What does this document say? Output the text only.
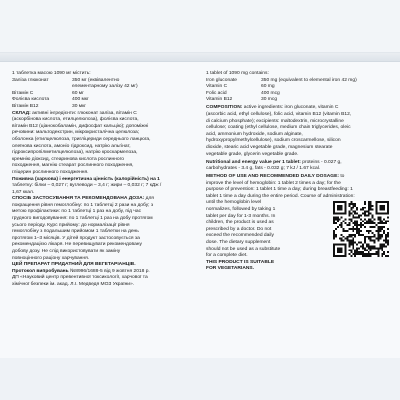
1 таблетка масою 1090 мг містить:
Заліза глюконат	350 мг (еквівалентно
елементарному залізу 42 мг)
Вітамін С	60 мг
Фолієва кислота	400 мкг
Вітамін В12	30 мкг
СКЛАД: активні інгредієнти: глюконат заліза, вітамін С
(аскорбінова кислота, етилцелюлоза), фолієва кислота,
вітамін В12 (ціанокобаламін, дифосфат кальцію); допоміжні
речовини: мальтодекстрин, мікрокристалічна целюлоза;
оболонка (етилцелюлоза, тригліцериди середнього ланцюга,
олеїнова кислота, амоніо гідроксид, натрію альгінат,
гідроксипропілметилцелюлоза), натрію кроскармелоза,
кремнію діоксид, стеаринова кислота рослинного
походження, магнію стеарат рослинного походження,
гліцерин рослинного походження.
Поживна (харчова) і енергетична цінність (калорійність) на 1
таблетку: білки – 0,027 г; вуглеводи – 3,4 г; жири – 0,032 г; 7 кДж /
1,67 ккал.
СПОСІБ ЗАСТОСУВАННЯ ТА РЕКОМЕНДОВАНА ДОЗА: для
покращення рівня гемоглобіну: по 1 таблетці 2 рази на добу; з
метою профілактики: по 1 таблетці 1 раз на добу, під час
грудного вигодовування: по 1 таблетці 1 раз на добу протягом
усього періоду. Курс прийому: до нормалізації рівня
гемоглобіну з подальшим прийомом 1 таблетки на день
протягом 1–3 місяців. У дітей продукт застосовується за
рекомендацією лікаря. Не перевищувати рекомендовану
добову дозу. Не слід використовувати як заміну
повноцінного раціону харчування.
ЦЕЙ ПРЕПАРАТ ПРИДАТНИЙ ДЛЯ ВЕГЕТАРІАНЦІВ.
Протокол випробувань №8996/1688-5 від 9 жовтня 2018 р.
ДП «Науковий центр превентивної токсикології, харчової та
хімічної безпеки ім. акад. Л.І. Медведя МОЗ України».
1 tablet of 1090 mg contains:
Iron gluconate	350 mg (equivalent to elemental iron 42 mg)
Vitamin C	60 mg
Folic acid	400 mcg
Vitamin B12	30 mcg
COMPOSITION: active ingredients: iron gluconate, vitamin C
(ascorbic acid, ethyl cellulose), folic acid, vitamin B12 (vitamin B12,
di calcium phosphate); excipients: maltodextrin, microcrystalline
cellulose; coating (ethyl cellulose, medium chain triglycerides, oleic
acid, ammonium hydroxide, sodium alginate,
hydroxypropylmethylcellulose), sodium croscarmellose, silicon
dioxide, stearic acid vegetable grade, magnesium stearate
vegetable grade, glycerin vegetable grade.
Nutritional and energy value per 1 tablet: proteins - 0.027 g,
carbohydrates - 3.4 g, fats - 0.032 g; 7 kJ / 1.67 kcal.
METHOD OF USE AND RECOMMENDED DAILY DOSAGE: to
improve the level of hemoglobin: 1 tablet 2 times a day; for the
purpose of prevention: 1 tablet 1 time a day; during breastfeeding: 1
tablet 1 time a day during the entire period. Course of administration:
until the hemoglobin level
normalizes, followed by taking 1
tablet per day for 1-3 months. In
children, the product is used as
prescribed by a doctor. Do not
exceed the recommended daily
dose. The dietary supplement
should not be used as a substitute
for a complete diet.
THIS PRODUCT IS SUITABLE
FOR VEGETARIANS.
